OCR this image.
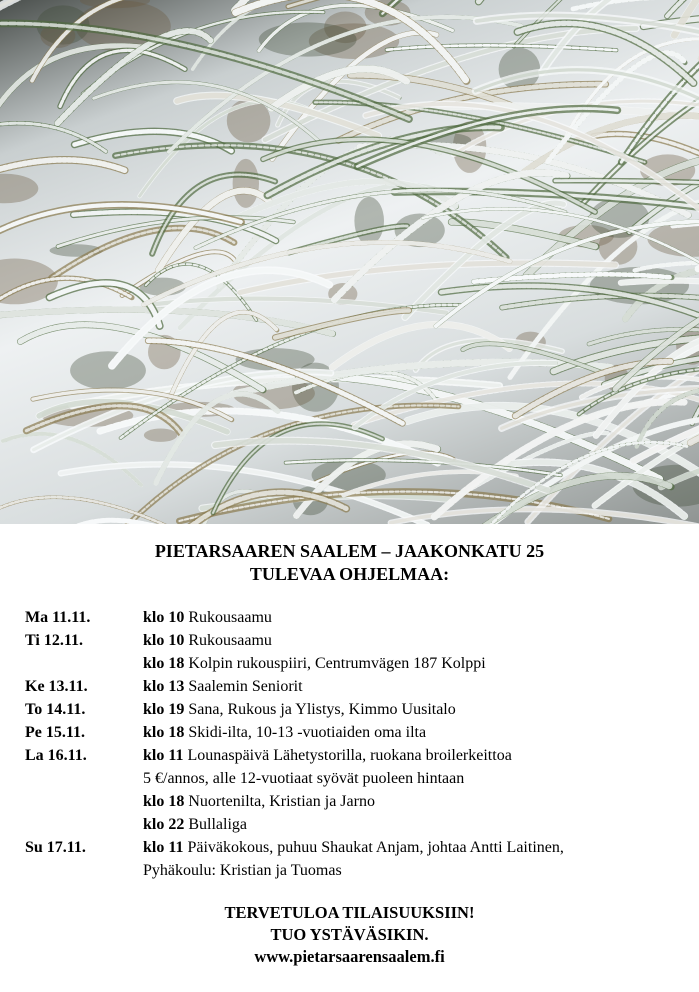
PIETARSAAREN SAALEM – JAAKONKATU 25
TULEVAA OHJELMAA:
Ma 11.11.	klo 10 Rukousaamu
Ti 12.11.	klo 10 Rukousaamu
klo 18 Kolpin rukouspiiri, Centrumvägen 187 Kolppi
Ke 13.11.	klo 13 Saalemin Seniorit
To 14.11.	klo 19 Sana, Rukous ja Ylistys, Kimmo Uusitalo
Pe 15.11.	klo 18 Skidi-ilta, 10-13 -vuotiaiden oma ilta
La 16.11.	klo 11 Lounaspäivä Lähetystorilla, ruokana broilerkeittoa
5 €/annos, alle 12-vuotiaat syövät puoleen hintaan
klo 18 Nuortenilta, Kristian ja Jarno
klo 22 Bullaliga
Su 17.11.	klo 11 Päiväkokous, puhuu Shaukat Anjam, johtaa Antti Laitinen,
Pyhäkoulu: Kristian ja Tuomas
TERVETULOA TILAISUUKSIIN!
TUO YSTÄVÄSIKIN.
www.pietarsaarensaalem.fi
